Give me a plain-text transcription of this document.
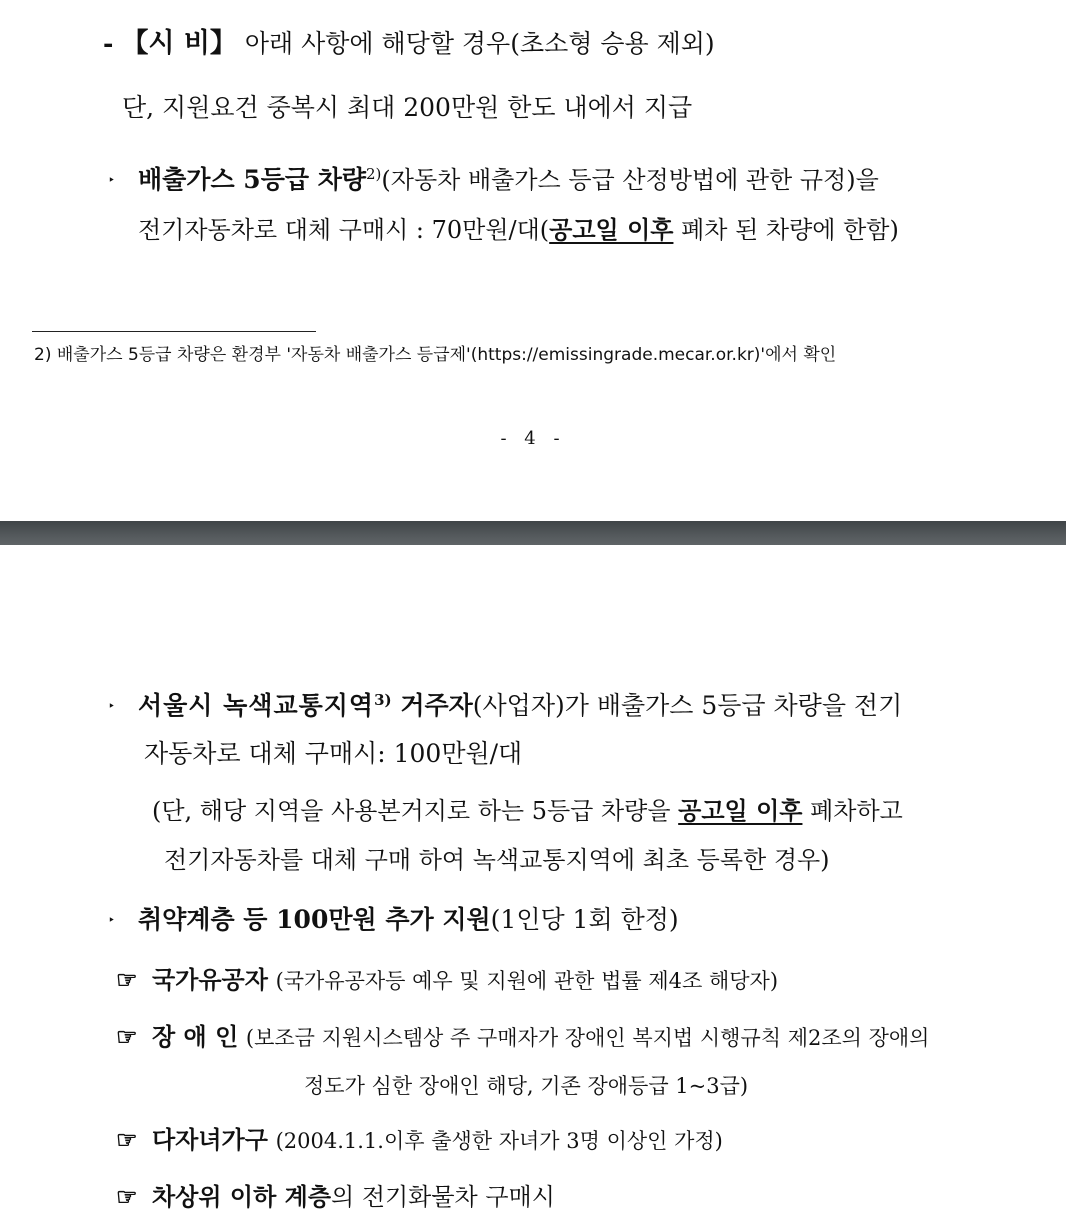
- 【시 비】 아래 사항에 해당할 경우(초소형 승용 제외)
단, 지원요건 중복시 최대 200만원 한도 내에서 지급
‣ 배출가스 5등급 차량$^{2)}$(자동차 배출가스 등급 산정방법에 관한 규정)을
전기자동차로 대체 구매시 : 70만원/대(공고일 이후 폐차 된 차량에 한함)
2) 배출가스 5등급 차량은 환경부 '자동차 배출가스 등급제'(https://emissingrade.mecar.or.kr)'에서 확인
- 4 -
‣ 서울시 녹색교통지역$^{3)}$ 거주자(사업자)가 배출가스 5등급 차량을 전기
자동차로 대체 구매시: 100만원/대
(단, 해당 지역을 사용본거지로 하는 5등급 차량을 공고일 이후 폐차하고
전기자동차를 대체 구매 하여 녹색교통지역에 최초 등록한 경우)
‣ 취약계층 등 100만원 추가 지원(1인당 1회 한정)
☞ 국가유공자 (국가유공자등 예우 및 지원에 관한 법률 제4조 해당자)
☞ 장 애 인 (보조금 지원시스템상 주 구매자가 장애인 복지법 시행규칙 제2조의 장애의
정도가 심한 장애인 해당, 기존 장애등급 1~3급)
☞ 다자녀가구 (2004.1.1.이후 출생한 자녀가 3명 이상인 가정)
☞ 차상위 이하 계층의 전기화물차 구매시
